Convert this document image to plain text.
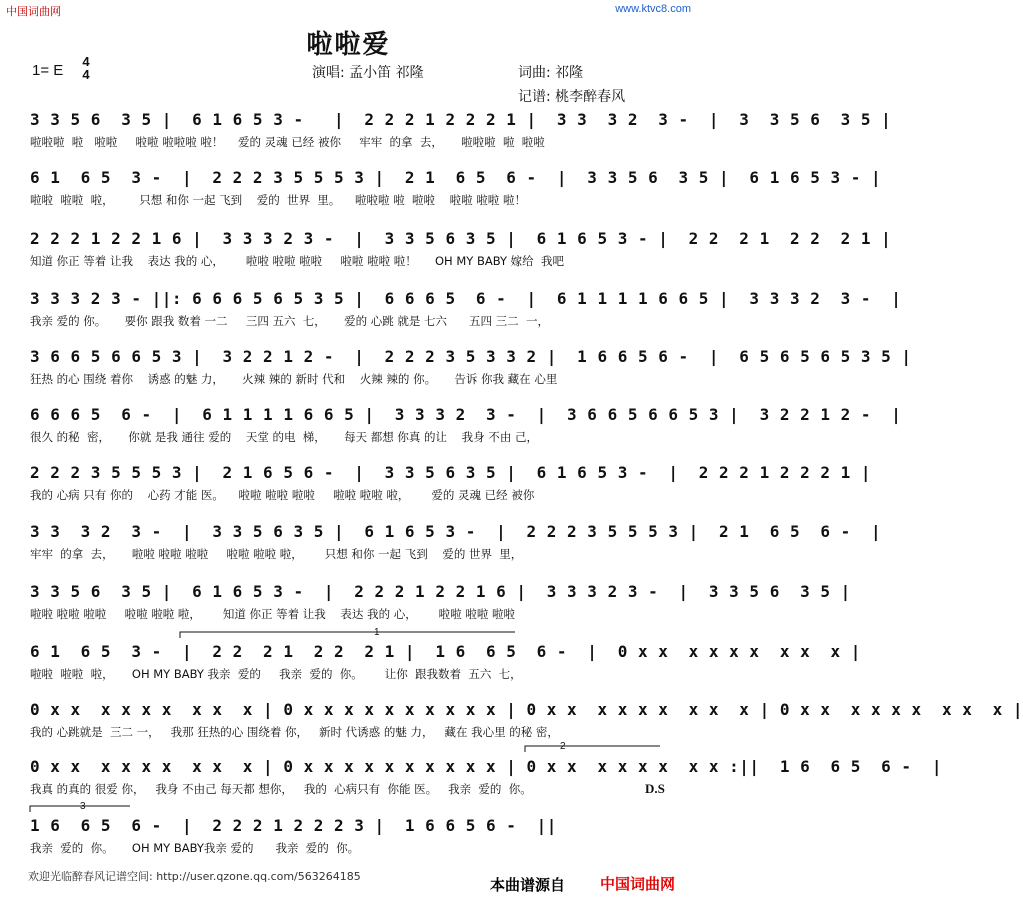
中国词曲网	www.ktvc8.com
啦啦爱
1= E
4
4	演唱: 孟小笛 祁隆	词曲: 祁隆
记谱: 桃李醉春风
3 3 5 6  3 5 |  6 1 6 5 3 -   |  2 2 2 1 2 2 2 1 |  3 3  3 2  3 -  |  3  3 5 6  3 5 |
啦啦啦  啦   啦啦     啦啦 啦啦啦 啦！    爱的 灵魂 已经 被你     牢牢  的拿  去，     啦啦啦  啦  啦啦
6 1  6 5  3 -  |  2 2 2 3 5 5 5 3 |  2 1  6 5  6 -  |  3 3 5 6  3 5 |  6 1 6 5 3 - |
啦啦  啦啦  啦，       只想 和你 一起 飞到    爱的  世界  里。    啦啦啦 啦  啦啦    啦啦 啦啦 啦！
2 2 2 1 2 2 1 6 |  3 3 3 2 3 -  |  3 3 5 6 3 5 |  6 1 6 5 3 - |  2 2  2 1  2 2  2 1 |
知道 你正 等着 让我    表达 我的 心，      啦啦 啦啦 啦啦     啦啦 啦啦 啦！     OH MY BABY 嫁给  我吧
3 3 3 2 3 - ||: 6 6 6 5 6 5 3 5 |  6 6 6 5  6 -  |  6 1 1 1 1 6 6 5 |  3 3 3 2  3 -  |
我亲 爱的 你。     要你 跟我 数着 一二     三四 五六  七，     爱的 心跳 就是 七六      五四 三二  一，
3 6 6 5 6 6 5 3 |  3 2 2 1 2 -  |  2 2 2 3 5 3 3 2 |  1 6 6 5 6 -  |  6 5 6 5 6 5 3 5 |
狂热 的心 围绕 着你    诱惑 的魅 力，     火辣 辣的 新时 代和    火辣 辣的 你。     告诉 你我 藏在 心里
6 6 6 5  6 -  |  6 1 1 1 1 6 6 5 |  3 3 3 2  3 -  |  3 6 6 5 6 6 5 3 |  3 2 2 1 2 -  |
很久 的秘  密，     你就 是我 通往 爱的    天堂 的电  梯，     每天 都想 你真 的让    我身 不由 己，
2 2 2 3 5 5 5 3 |  2 1 6 5 6 -  |  3 3 5 6 3 5 |  6 1 6 5 3 -  |  2 2 2 1 2 2 2 1 |
我的 心病 只有 你的    心药 才能 医。    啦啦 啦啦 啦啦     啦啦 啦啦 啦，      爱的 灵魂 已经 被你
3 3  3 2  3 -  |  3 3 5 6 3 5 |  6 1 6 5 3 -  |  2 2 2 3 5 5 5 3 |  2 1  6 5  6 -  |
牢牢  的拿  去，     啦啦 啦啦 啦啦     啦啦 啦啦 啦，      只想 和你 一起 飞到    爱的 世界  里，
3 3 5 6  3 5 |  6 1 6 5 3 -  |  2 2 2 1 2 2 1 6 |  3 3 3 2 3 -  |  3 3 5 6  3 5 |
啦啦 啦啦 啦啦     啦啦 啦啦 啦，      知道 你正 等着 让我    表达 我的 心，      啦啦 啦啦 啦啦
6 1  6 5  3 -  |  2 2  2 1  2 2  2 1 |  1 6  6 5  6 -  |  0 x x  x x x x  x x  x |
啦啦  啦啦  啦，     OH MY BABY 我亲  爱的     我亲  爱的  你。      让你  跟我数着  五六  七，
0 x x  x x x x  x x  x | 0 x x x x x x x x x x | 0 x x  x x x x  x x  x | 0 x x  x x x x  x x  x |
我的 心跳就是  三二 一，   我那 狂热的心 围绕着 你，   新时 代诱惑 的魅 力，   藏在 我心里 的秘 密，
0 x x  x x x x  x x  x | 0 x x x x x x x x x x | 0 x x  x x x x  x x :||  1 6  6 5  6 -  |
我真 的真的 很爱 你，   我身 不由己 每天都 想你，   我的  心病只有  你能 医。   我亲  爱的  你。
1 6  6 5  6 -  |  2 2 2 1 2 2 2 3 |  1 6 6 5 6 -  ||
我亲  爱的  你。     OH MY BABY我亲 爱的      我亲  爱的  你。
1
2
3
D.S
欢迎光临醉春风记谱空间: http://user.qzone.qq.com/563264185	本曲谱源自 中国词曲网
